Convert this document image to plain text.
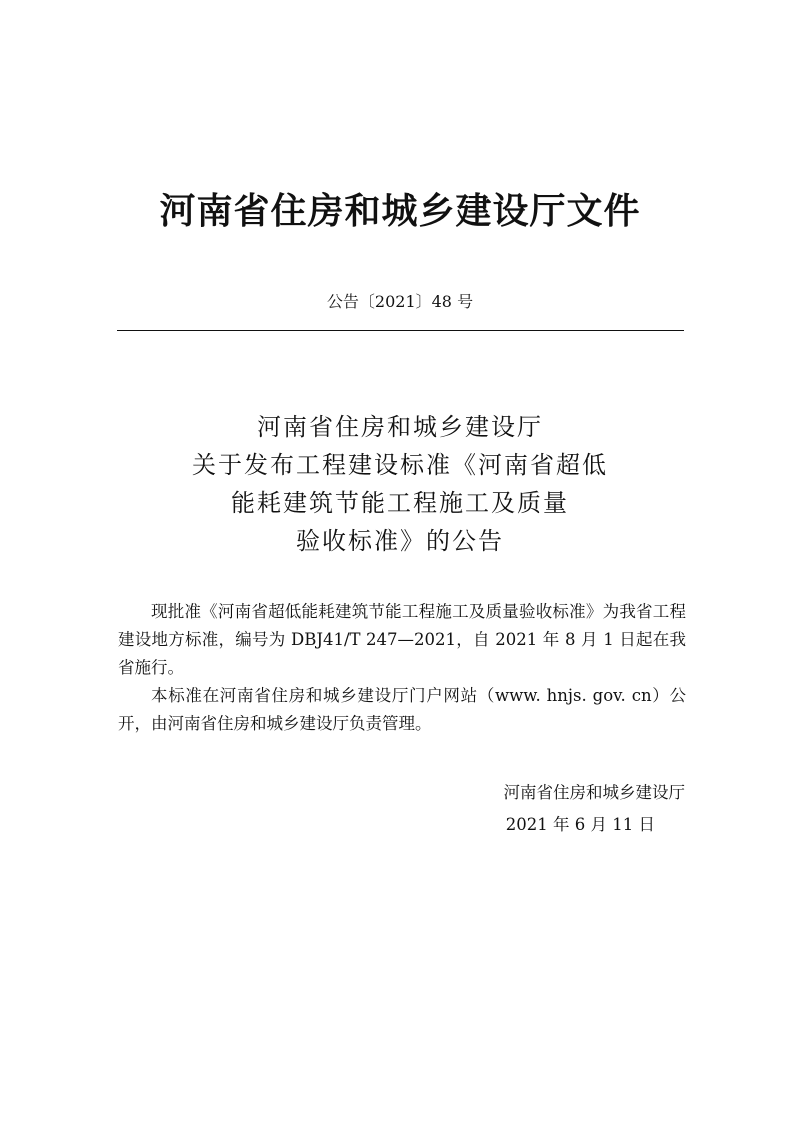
河南省住房和城乡建设厅文件
公告〔2021〕48 号
河南省住房和城乡建设厅
关于发布工程建设标准《河南省超低
能耗建筑节能工程施工及质量
验收标准》的公告

现批准《河南省超低能耗建筑节能工程施工及质量验收标准》为我省工程建设地方标准，编号为 DBJ41/T 247—2021，自 2021 年 8 月 1 日起在我省施行。

本标准在河南省住房和城乡建设厅门户网站（www. hnjs. gov. cn）公开，由河南省住房和城乡建设厅负责管理。

河南省住房和城乡建设厅
2021 年 6 月 11 日
